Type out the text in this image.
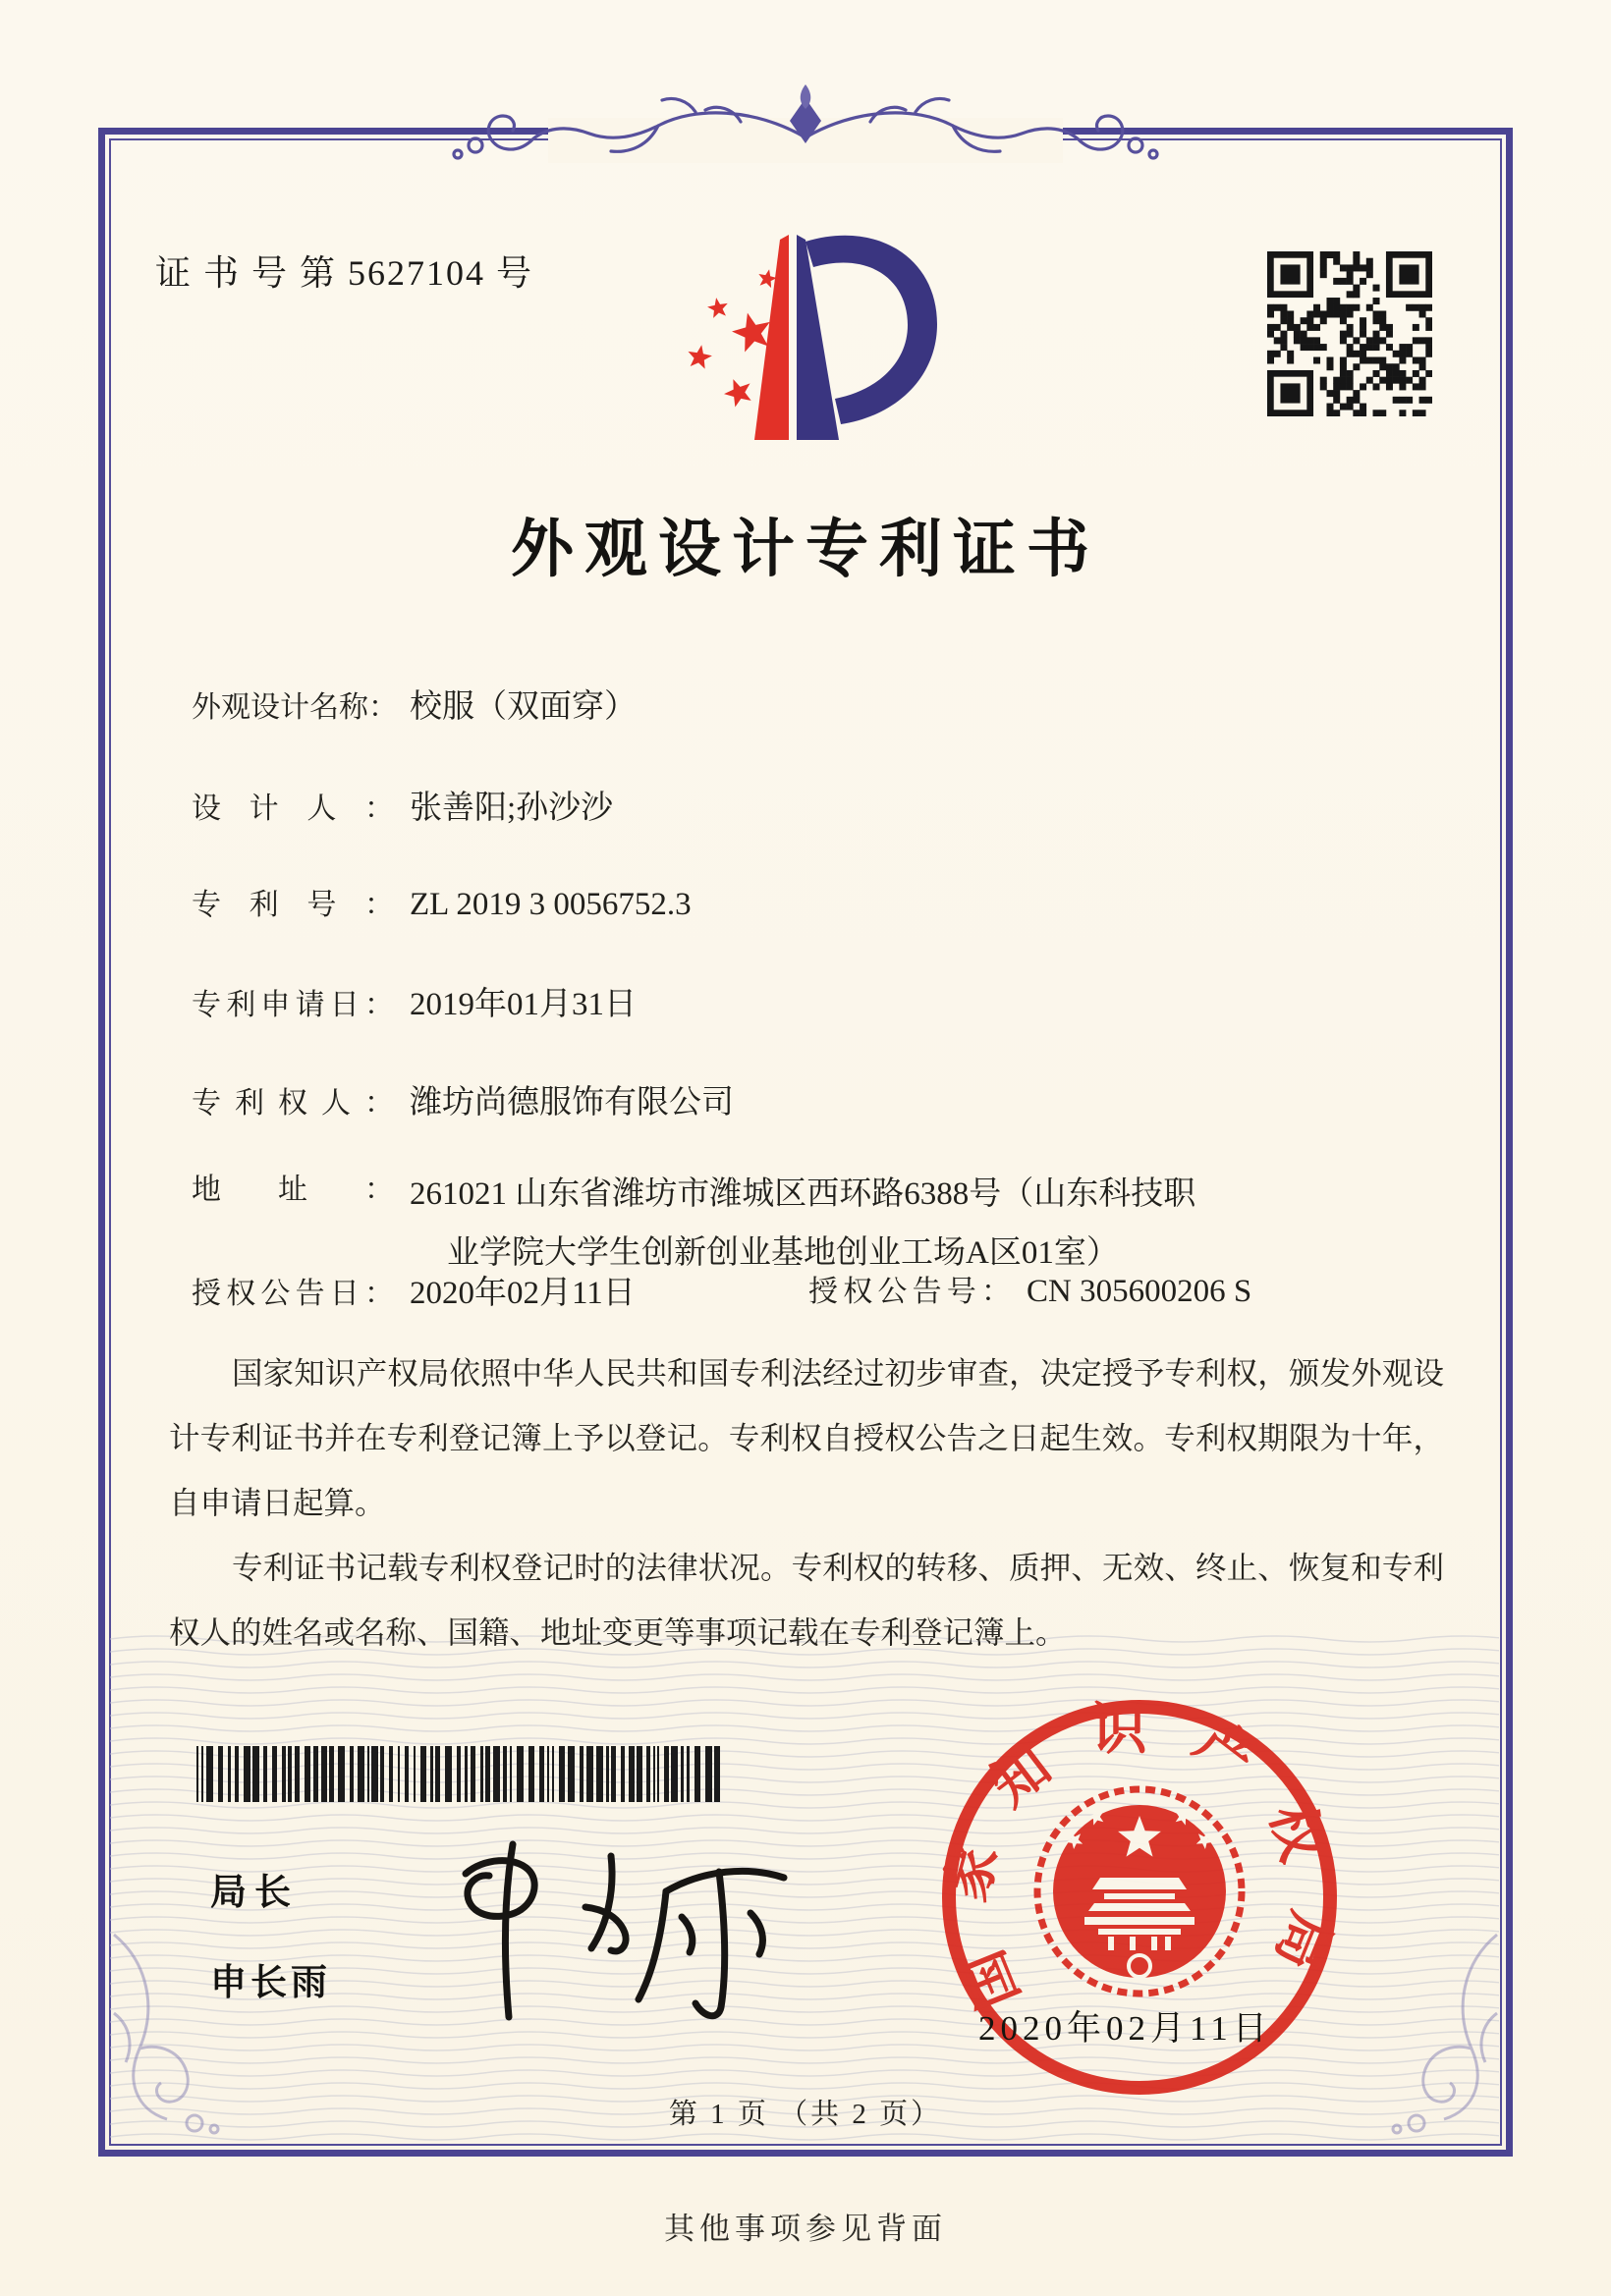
证 书 号 第 5627104 号
外观设计专利证书
外观设计名称： 校服（双面穿）
设计人： 张善阳;孙沙沙
专利号： ZL 2019 3 0056752.3
专利申请日： 2019年01月31日
专利权人： 潍坊尚德服饰有限公司
地址： 261021 山东省潍坊市潍城区西环路6388号（山东科技职
业学院大学生创新创业基地创业工场A区01室）
授权公告日： 2020年02月11日	授权公告号： CN 305600206 S

国家知识产权局依照中华人民共和国专利法经过初步审查，决定授予专利权，颁发外观设计专利证书并在专利登记簿上予以登记。专利权自授权公告之日起生效。专利权期限为十年，自申请日起算。

专利证书记载专利权登记时的法律状况。专利权的转移、质押、无效、终止、恢复和专利权人的姓名或名称、国籍、地址变更等事项记载在专利登记簿上。

局长
申长雨	国家知识产权局
2020年02月11日
第 1 页 （共 2 页）
其他事项参见背面
